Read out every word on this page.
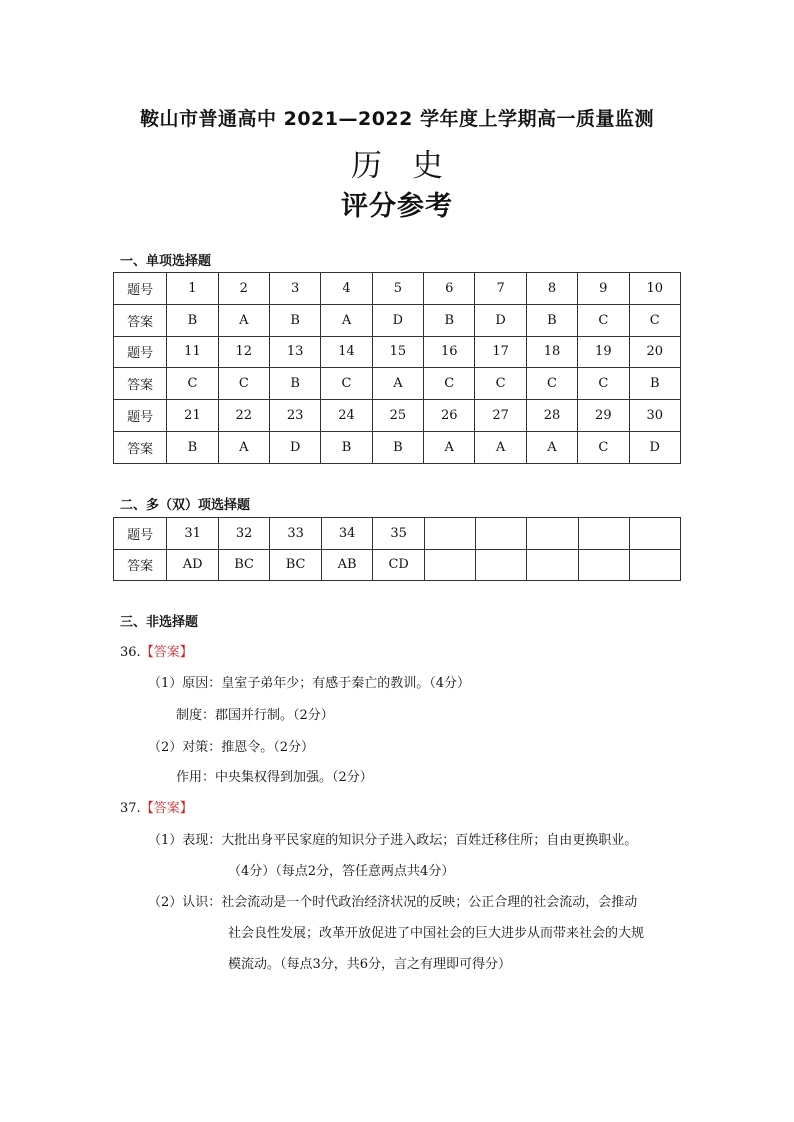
鞍山市普通高中 2021—2022 学年度上学期高一质量监测
历史
评分参考
一、单项选择题
题号	1	2	3	4	5	6	7	8	9	10
答案	B	A	B	A	D	B	D	B	C	C
题号	11	12	13	14	15	16	17	18	19	20
答案	C	C	B	C	A	C	C	C	C	B
题号	21	22	23	24	25	26	27	28	29	30
答案	B	A	D	B	B	A	A	A	C	D
二、多（双）项选择题
题号	31	32	33	34	35					
答案	AD	BC	BC	AB	CD					
三、非选择题
36.【答案】
（1）原因：皇室子弟年少；有感于秦亡的教训。（4分）
制度：郡国并行制。（2分）
（2）对策：推恩令。（2分）
作用：中央集权得到加强。（2分）
37.【答案】
（1）表现：大批出身平民家庭的知识分子进入政坛；百姓迁移住所；自由更换职业。
（4分）（每点2分，答任意两点共4分）
（2）认识：社会流动是一个时代政治经济状况的反映；公正合理的社会流动，会推动
社会良性发展；改革开放促进了中国社会的巨大进步从而带来社会的大规
模流动。（每点3分，共6分，言之有理即可得分）
